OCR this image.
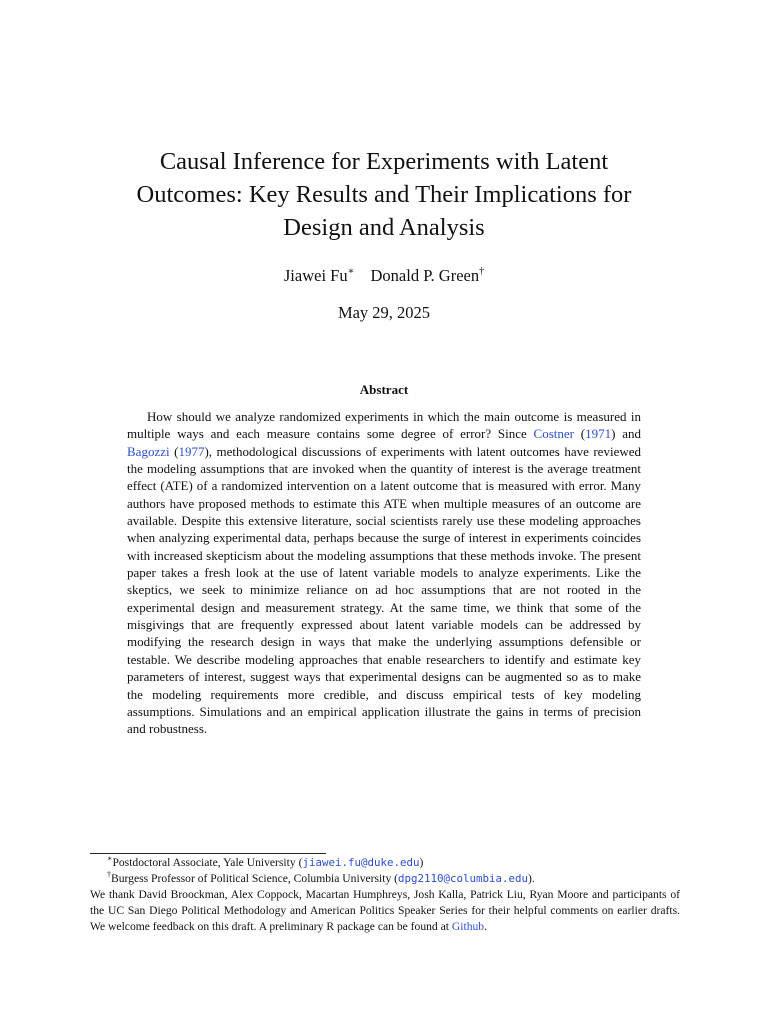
Causal Inference for Experiments with Latent
Outcomes: Key Results and Their Implications for
Design and Analysis
Jiawei Fu∗ Donald P. Green†
May 29, 2025
Abstract

How should we analyze randomized experiments in which the main outcome is measured in multiple ways and each measure contains some degree of error? Since Costner (1971) and Bagozzi (1977), methodological discussions of experiments with latent outcomes have reviewed the modeling assumptions that are invoked when the quantity of interest is the average treatment effect (ATE) of a randomized intervention on a latent outcome that is measured with error. Many authors have proposed methods to estimate this ATE when multiple measures of an outcome are available. Despite this extensive literature, social scientists rarely use these modeling approaches when analyzing experimental data, perhaps because the surge of interest in experiments coincides with increased skepticism about the modeling assumptions that these methods invoke. The present paper takes a fresh look at the use of latent variable models to analyze experiments. Like the skeptics, we seek to minimize reliance on ad hoc assumptions that are not rooted in the experimental design and measurement strategy. At the same time, we think that some of the misgivings that are frequently expressed about latent variable models can be addressed by modifying the research design in ways that make the underlying assumptions defensible or testable. We describe modeling approaches that enable researchers to identify and estimate key parameters of interest, suggest ways that experimental designs can be augmented so as to make the modeling requirements more credible, and discuss empirical tests of key modeling assumptions. Simulations and an empirical application illustrate the gains in terms of precision and robustness.

∗Postdoctoral Associate, Yale University (jiawei.fu@duke.edu)
†Burgess Professor of Political Science, Columbia University (dpg2110@columbia.edu).
We thank David Broockman, Alex Coppock, Macartan Humphreys, Josh Kalla, Patrick Liu, Ryan Moore and participants of the UC San Diego Political Methodology and American Politics Speaker Series for their helpful comments on earlier drafts. We welcome feedback on this draft. A preliminary R package can be found at Github.
